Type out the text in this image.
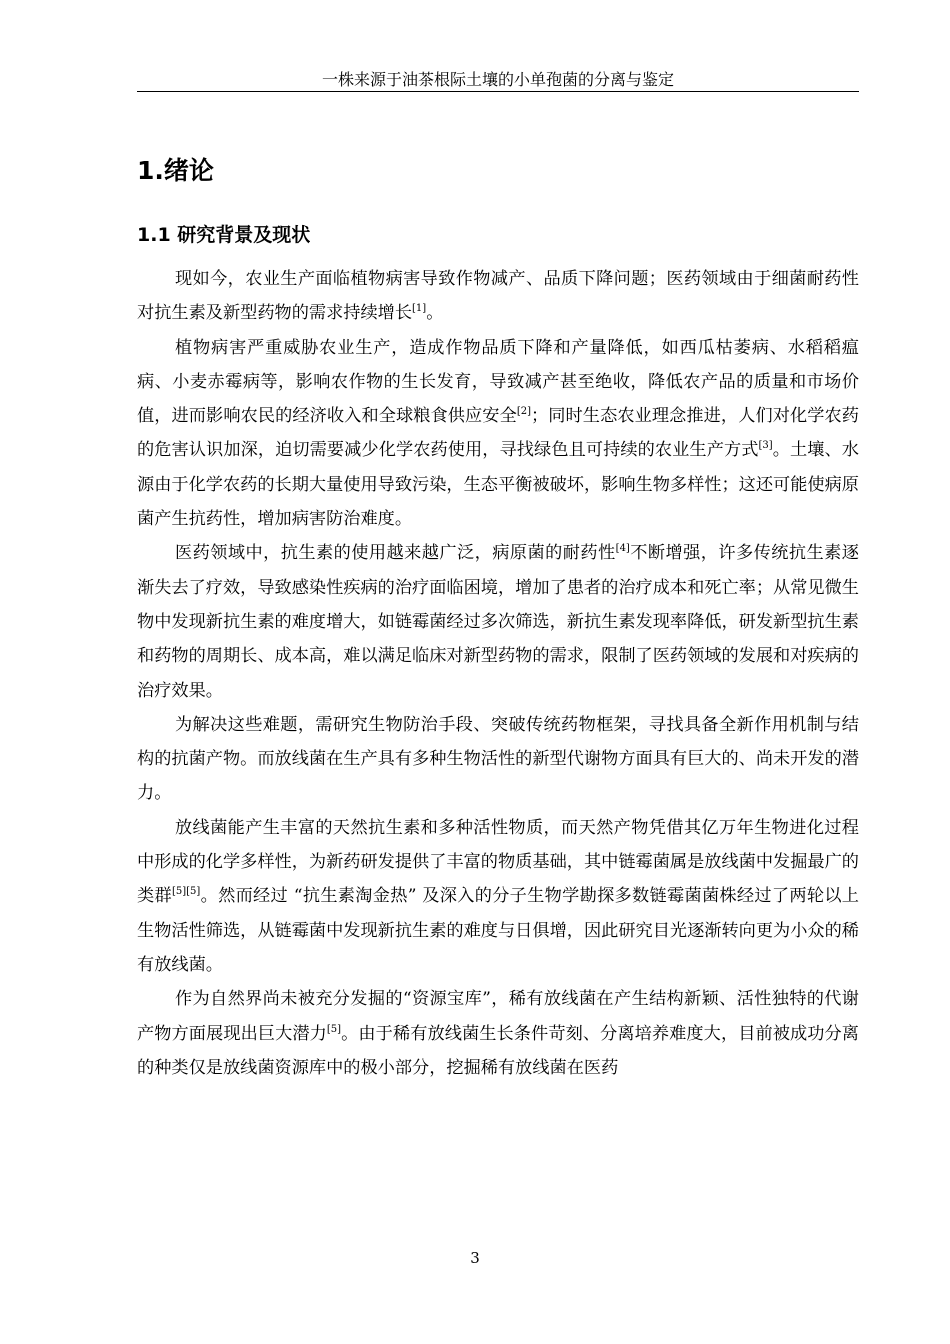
一株来源于油茶根际土壤的小单孢菌的分离与鉴定
1.绪论
1.1 研究背景及现状

现如今，农业生产面临植物病害导致作物减产、品质下降问题；医药领域由于细菌耐药性对抗生素及新型药物的需求持续增长[1]。

植物病害严重威胁农业生产，造成作物品质下降和产量降低，如西瓜枯萎病、水稻稻瘟病、小麦赤霉病等，影响农作物的生长发育，导致减产甚至绝收，降低农产品的质量和市场价值，进而影响农民的经济收入和全球粮食供应安全[2]；同时生态农业理念推进，人们对化学农药的危害认识加深，迫切需要减少化学农药使用，寻找绿色且可持续的农业生产方式[3]。土壤、水源由于化学农药的长期大量使用导致污染，生态平衡被破坏，影响生物多样性；这还可能使病原菌产生抗药性，增加病害防治难度。

医药领域中，抗生素的使用越来越广泛，病原菌的耐药性[4]不断增强，许多传统抗生素逐渐失去了疗效，导致感染性疾病的治疗面临困境，增加了患者的治疗成本和死亡率；从常见微生物中发现新抗生素的难度增大，如链霉菌经过多次筛选，新抗生素发现率降低，研发新型抗生素和药物的周期长、成本高，难以满足临床对新型药物的需求，限制了医药领域的发展和对疾病的治疗效果。

为解决这些难题，需研究生物防治手段、突破传统药物框架，寻找具备全新作用机制与结构的抗菌产物。而放线菌在生产具有多种生物活性的新型代谢物方面具有巨大的、尚未开发的潜力。

放线菌能产生丰富的天然抗生素和多种活性物质，而天然产物凭借其亿万年生物进化过程中形成的化学多样性，为新药研发提供了丰富的物质基础，其中链霉菌属是放线菌中发掘最广的类群[5][5]。然而经过 “抗生素淘金热” 及深入的分子生物学勘探多数链霉菌菌株经过了两轮以上生物活性筛选，从链霉菌中发现新抗生素的难度与日俱增，因此研究目光逐渐转向更为小众的稀有放线菌。

作为自然界尚未被充分发掘的“资源宝库”，稀有放线菌在产生结构新颖、活性独特的代谢产物方面展现出巨大潜力[5]。由于稀有放线菌生长条件苛刻、分离培养难度大，目前被成功分离的种类仅是放线菌资源库中的极小部分，挖掘稀有放线菌在医药

3
